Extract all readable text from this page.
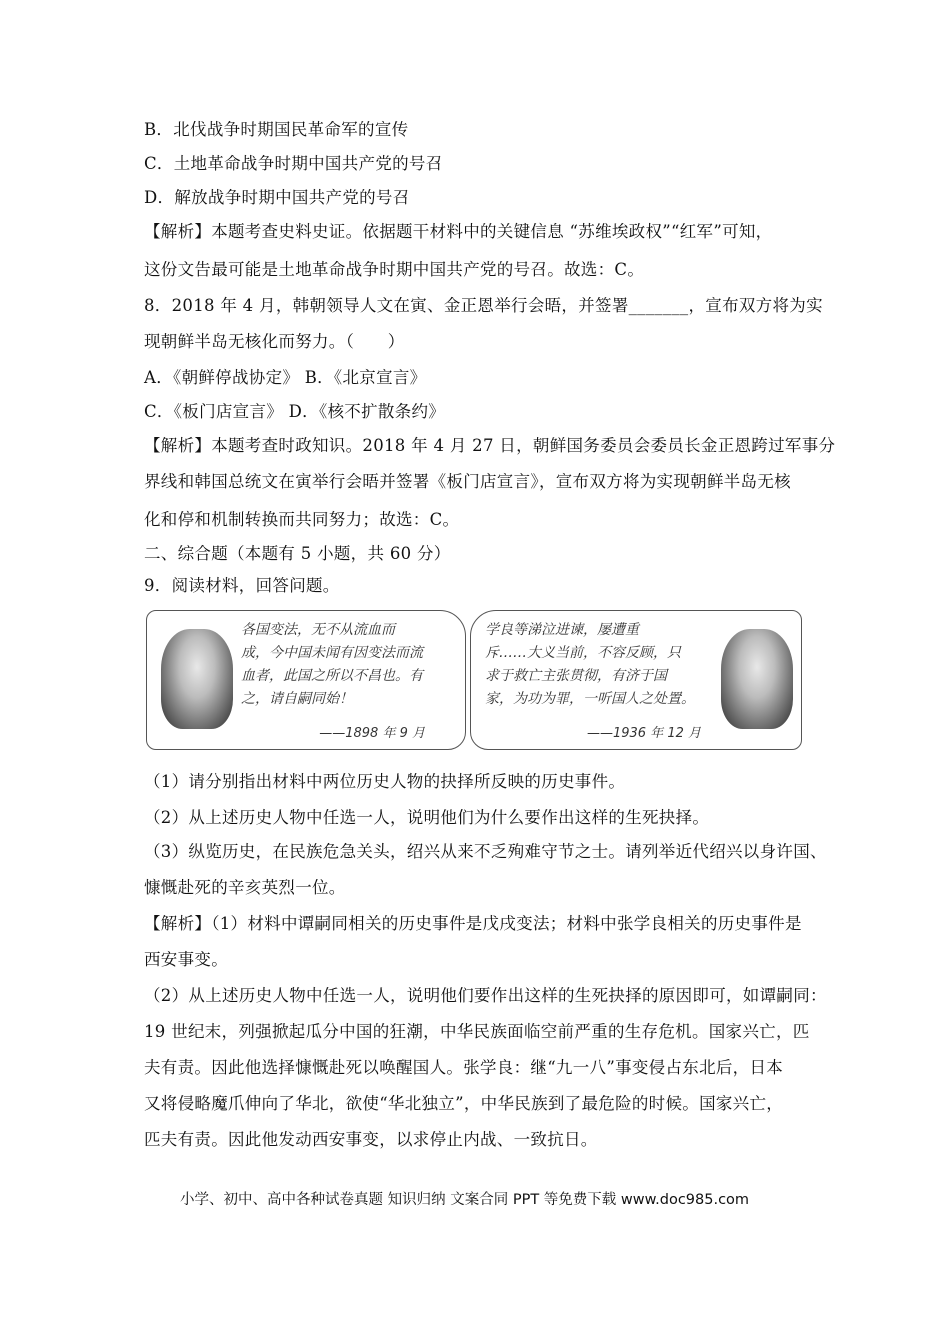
B．北伐战争时期国民革命军的宣传
C．土地革命战争时期中国共产党的号召
D．解放战争时期中国共产党的号召
【解析】本题考查史料史证。依据题干材料中的关键信息 “苏维埃政权”“红军”可知，
这份文告最可能是土地革命战争时期中国共产党的号召。故选：C。
8．2018 年 4 月，韩朝领导人文在寅、金正恩举行会晤，并签署_______，宣布双方将为实
现朝鲜半岛无核化而努力。（　　）
A．《朝鲜停战协定》 B．《北京宣言》
C．《板门店宣言》 D．《核不扩散条约》
【解析】本题考查时政知识。2018 年 4 月 27 日，朝鲜国务委员会委员长金正恩跨过军事分
界线和韩国总统文在寅举行会晤并签署《板门店宣言》，宣布双方将为实现朝鲜半岛无核
化和停和机制转换而共同努力；故选：C。
二、综合题（本题有 5 小题，共 60 分）
9．阅读材料，回答问题。
各国变法，无不从流血而
成，今中国未闻有因变法而流
血者，此国之所以不昌也。有
之，请自嗣同始！
——1898 年 9 月
学良等涕泣进谏，屡遭重
斥……大义当前，不容反顾，只
求于救亡主张贯彻，有济于国
家，为功为罪，一听国人之处置。
——1936 年 12 月
（1）请分别指出材料中两位历史人物的抉择所反映的历史事件。
（2）从上述历史人物中任选一人，说明他们为什么要作出这样的生死抉择。
（3）纵览历史，在民族危急关头，绍兴从来不乏殉难守节之士。请列举近代绍兴以身许国、
慷慨赴死的辛亥英烈一位。
【解析】（1）材料中谭嗣同相关的历史事件是戊戌变法；材料中张学良相关的历史事件是
西安事变。
（2）从上述历史人物中任选一人，说明他们要作出这样的生死抉择的原因即可，如谭嗣同：
19 世纪末，列强掀起瓜分中国的狂潮，中华民族面临空前严重的生存危机。国家兴亡，匹
夫有责。因此他选择慷慨赴死以唤醒国人。张学良：继“九一八”事变侵占东北后，日本
又将侵略魔爪伸向了华北，欲使“华北独立”，中华民族到了最危险的时候。国家兴亡，
匹夫有责。因此他发动西安事变，以求停止内战、一致抗日。
小学、初中、高中各种试卷真题 知识归纳 文案合同 PPT 等免费下载 www.doc985.com
